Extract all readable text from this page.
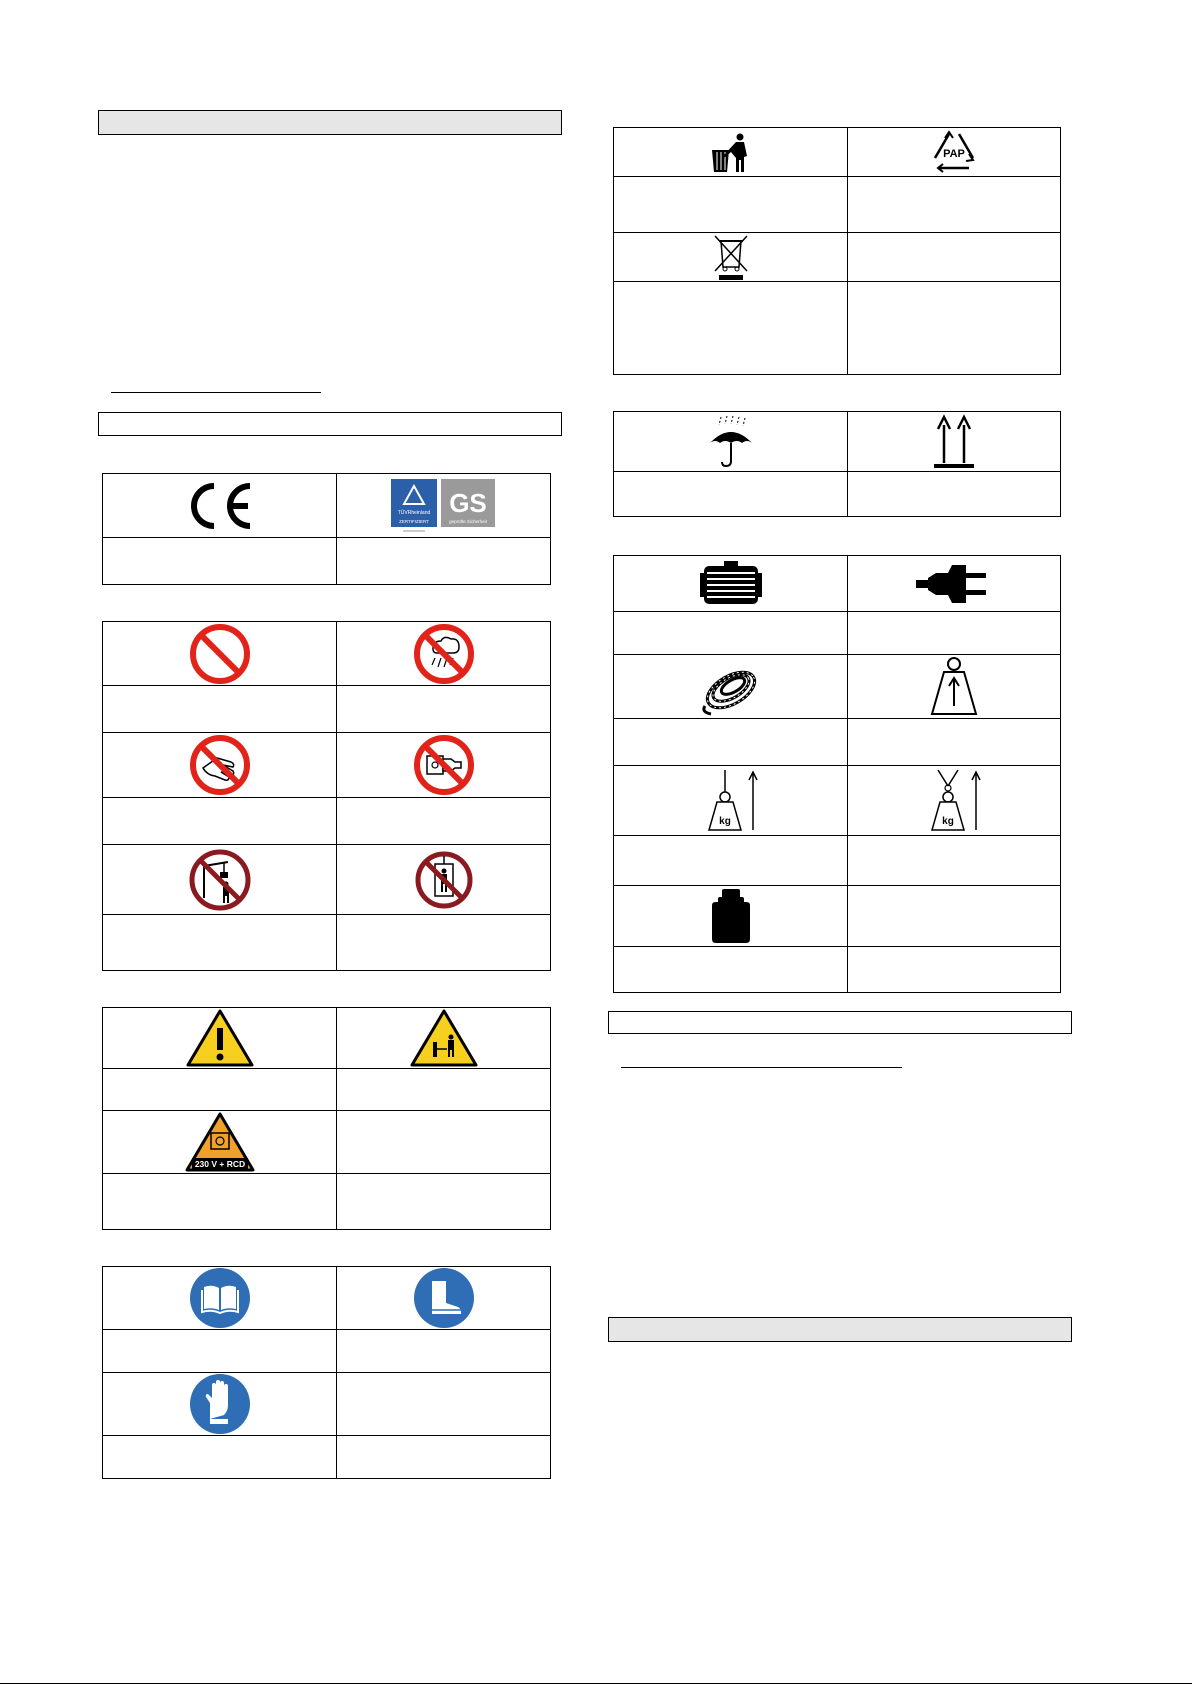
TÜVRheinland
ZERTIFIZIERT
GS
geprüfte Sicherheit

230 V + RCD	

PAP

kg	kg
